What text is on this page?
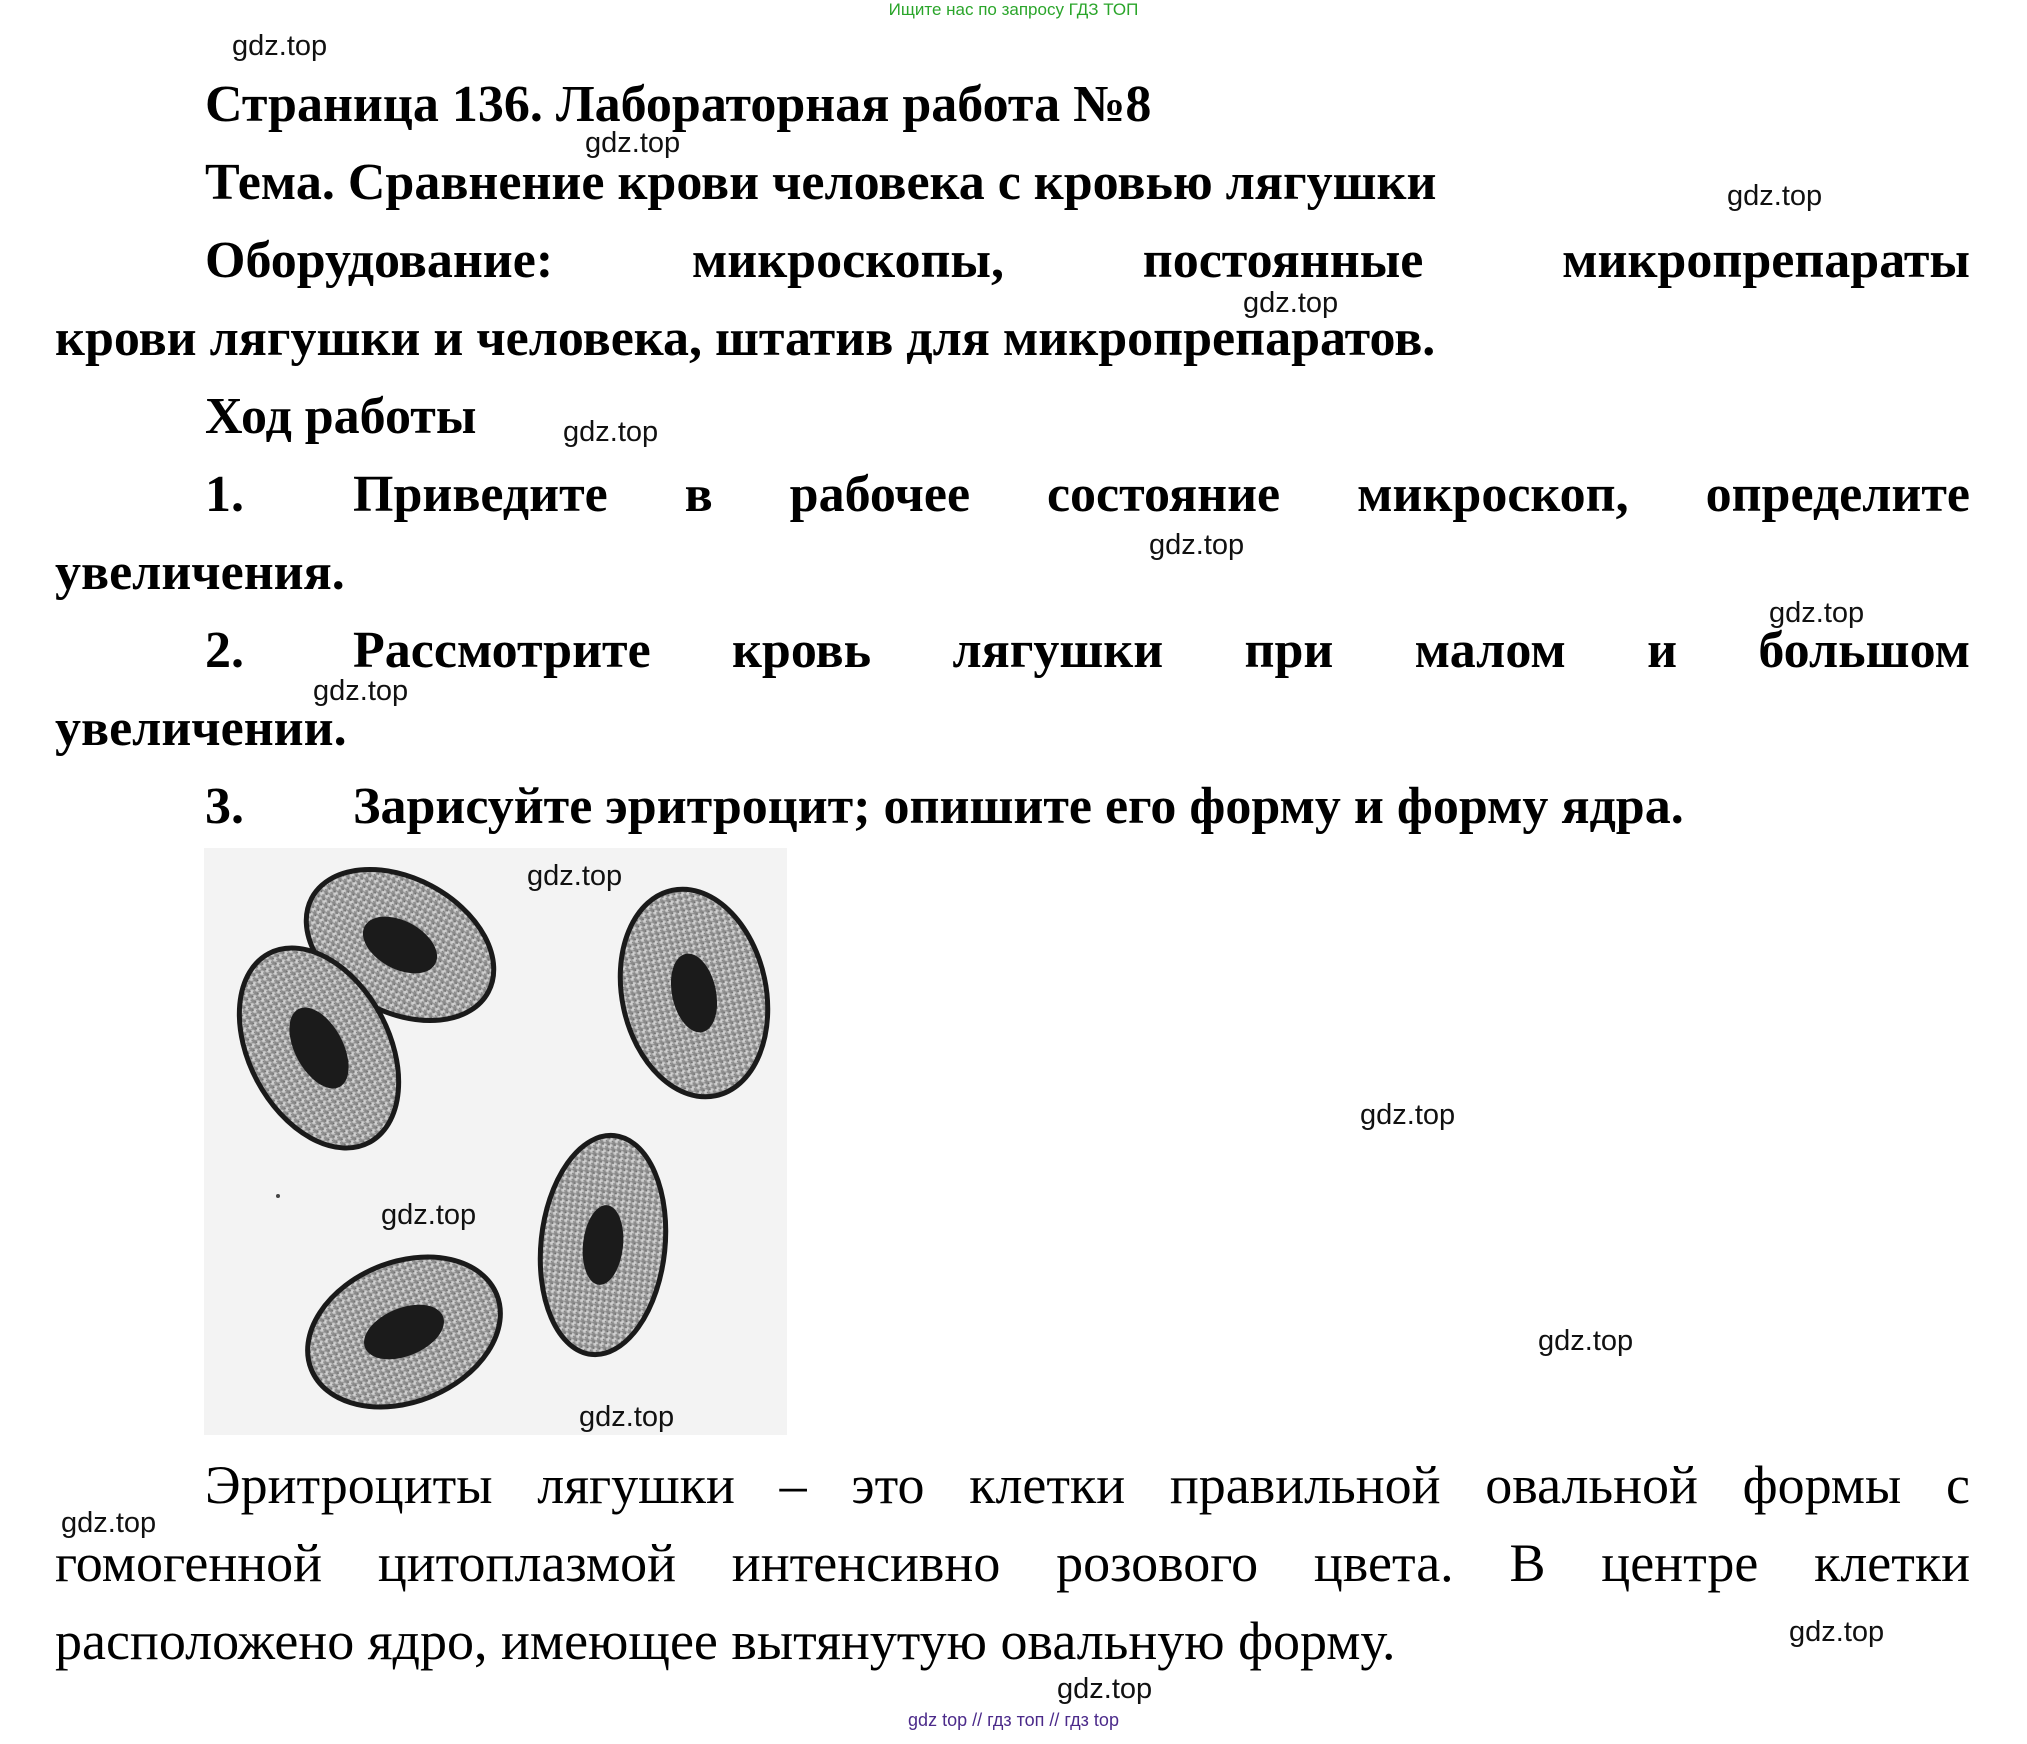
Ищите нас по запросу ГДЗ ТОП
Страница 136. Лабораторная работа №8
Тема. Сравнение крови человека с кровью лягушки
Оборудование: микроскопы, постоянные микропрепараты
крови лягушки и человека, штатив для микропрепаратов.
Ход работы
1. Приведите в рабочее состояние микроскоп, определите
увеличения.
2. Рассмотрите кровь лягушки при малом и большом
увеличении.
3. Зарисуйте эритроцит; опишите его форму и форму ядра.
Эритроциты лягушки – это клетки правильной овальной формы с
гомогенной цитоплазмой интенсивно розового цвета. В центре клетки
расположено ядро, имеющее вытянутую овальную форму.
gdz.top
gdz.top
gdz.top
gdz.top
gdz.top
gdz.top
gdz.top
gdz.top
gdz.top
gdz.top
gdz.top
gdz.top
gdz.top
gdz.top
gdz.top
gdz.top
gdz top // гдз топ // гдз top
